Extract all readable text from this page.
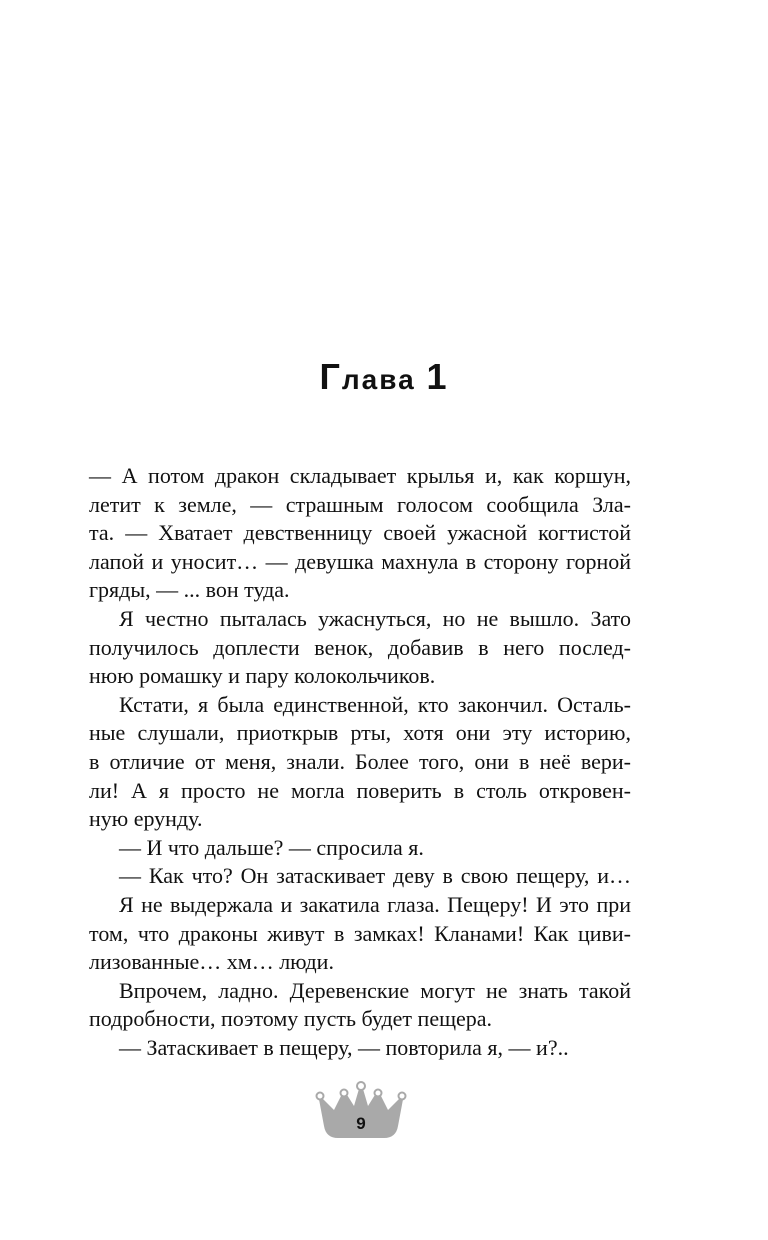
Глава 1
— А потом дракон складывает крылья и, как коршун,
летит к земле, — страшным голосом сообщила Зла-
та. — Хватает девственницу своей ужасной когтистой
лапой и уносит… — девушка махнула в сторону горной
гряды, — ... вон туда.
Я честно пыталась ужаснуться, но не вышло. Зато
получилось доплести венок, добавив в него послед-
нюю ромашку и пару колокольчиков.
Кстати, я была единственной, кто закончил. Осталь-
ные слушали, приоткрыв рты, хотя они эту историю,
в отличие от меня, знали. Более того, они в неё вери-
ли! А я просто не могла поверить в столь откровен-
ную ерунду.
— И что дальше? — спросила я.
— Как что? Он затаскивает деву в свою пещеру, и…
Я не выдержала и закатила глаза. Пещеру! И это при
том, что драконы живут в замках! Кланами! Как циви-
лизованные… хм… люди.
Впрочем, ладно. Деревенские могут не знать такой
подробности, поэтому пусть будет пещера.
— Затаскивает в пещеру, — повторила я, — и?..
9
